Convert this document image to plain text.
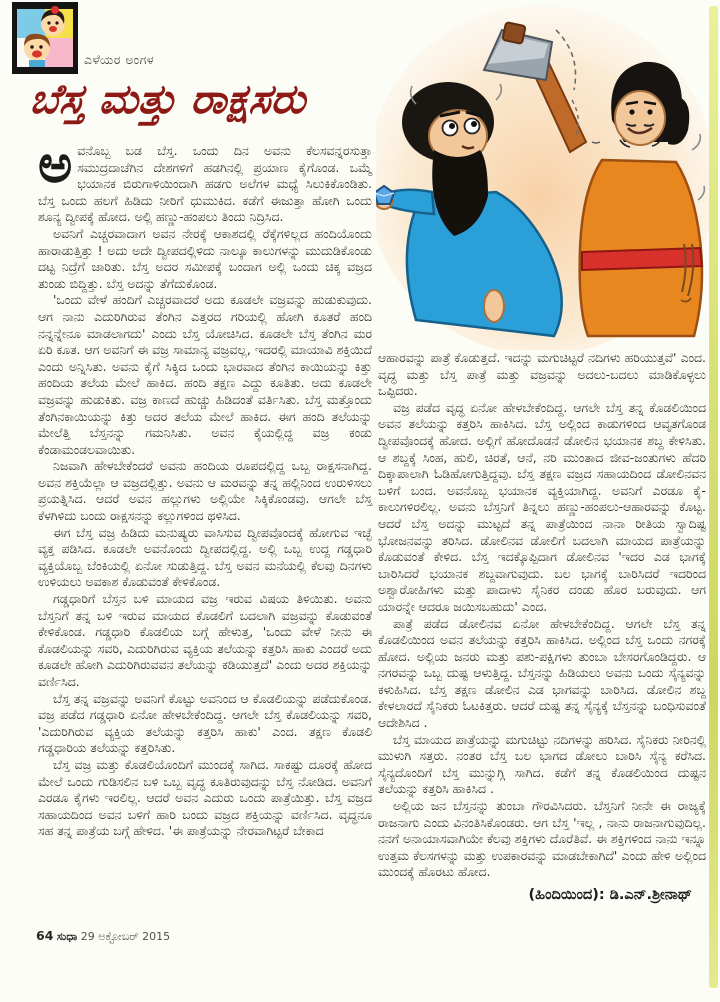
ಎಳೆಯರ ಅಂಗಳ
ಬೆಸ್ತ ಮತ್ತು ರಾಕ್ಷಸರು

ಅವನೊಬ್ಬ ಬಡ ಬೆಸ್ತ. ಒಂದು ದಿನ ಅವನು ಕೆಲಸವನ್ನರಸುತ್ತಾ ಸಮುದ್ರದಾಚೆಗಿನ ದೇಶಗಳಿಗೆ ಹಡಗಿನಲ್ಲಿ ಪ್ರಯಾಣ ಕೈಗೊಂಡ. ಒಮ್ಮೆ ಭಯಾನಕ ಬಿರುಗಾಳಿಯಿಂದಾಗಿ ಹಡಗು ಅಲೆಗಳ ಮಧ್ಯೆ ಸಿಲುಕಿಕೊಂಡಿತು. ಬೆಸ್ತ ಒಂದು ಹಲಗೆ ಹಿಡಿದು ನೀರಿಗೆ ಧುಮುಕಿದ. ಕಡೆಗೆ ಈಜುತ್ತಾ ಹೋಗಿ ಒಂದು ಶೂನ್ಯ ದ್ವೀಪಕ್ಕೆ ಹೋದ. ಅಲ್ಲಿ ಹಣ್ಣು-ಹಂಪಲು ತಿಂದು ನಿದ್ರಿಸಿದ.

ಅವನಿಗೆ ಎಚ್ಚರವಾದಾಗ ಅವನ ನೇರಕ್ಕೆ ಆಕಾಶದಲ್ಲಿ ರೆಕ್ಕೆಗಳಿಲ್ಲದ ಹಂದಿಯೊಂದು ಹಾರಾಡುತ್ತಿತ್ತು ! ಅದು ಅದೇ ದ್ವೀಪದಲ್ಲಿಳಿದು ನಾಲ್ಕೂ ಕಾಲುಗಳನ್ನು ಮುದುಡಿಕೊಂಡು ದಟ್ಟ ನಿದ್ರೆಗೆ ಜಾರಿತು. ಬೆಸ್ತ ಅದರ ಸಮೀಪಕ್ಕೆ ಬಂದಾಗ ಅಲ್ಲಿ ಒಂದು ಚಿಕ್ಕ ವಜ್ರದ ತುಂಡು ಬಿದ್ದಿತ್ತು. ಬೆಸ್ತ ಅದನ್ನು ತೆಗೆದುಕೊಂಡ.

'ಒಂದು ವೇಳೆ ಹಂದಿಗೆ ಎಚ್ಚರವಾದರೆ ಅದು ಕೂಡಲೇ ವಜ್ರವನ್ನು ಹುಡುಕುವುದು. ಆಗ ನಾನು ಎದುರಿಗಿರುವ ತೆಂಗಿನ ಎತ್ತರದ ಗರಿಯಲ್ಲಿ ಹೋಗಿ ಕೂತರೆ ಹಂದಿ ನನ್ನನ್ನೇನೂ ಮಾಡಲಾಗದು' ಎಂದು ಬೆಸ್ತ ಯೋಚಿಸಿದ. ಕೂಡಲೇ ಬೆಸ್ತ ತೆಂಗಿನ ಮರ ಏರಿ ಕೂತ. ಆಗ ಅವನಿಗೆ ಈ ವಜ್ರ ಸಾಮಾನ್ಯ ವಜ್ರವಲ್ಲ, ಇದರಲ್ಲಿ ಮಾಯಾವಿ ಶಕ್ತಿಯಿದೆ ಎಂದು ಅನ್ನಿಸಿತು. ಅವನು ಕೈಗೆ ಸಿಕ್ಕಿದ ಒಂದು ಭಾರವಾದ ತೆಂಗಿನ ಕಾಯಿಯನ್ನು ಕಿತ್ತು ಹಂದಿಯ ತಲೆಯ ಮೇಲೆ ಹಾಕಿದ. ಹಂದಿ ತಕ್ಷಣ ಎದ್ದು ಕೂತಿತು. ಅದು ಕೂಡಲೇ ವಜ್ರವನ್ನು ಹುಡುಕಿತು. ವಜ್ರ ಕಾಣದೆ ಹುಚ್ಚು ಹಿಡಿದಂತೆ ವರ್ತಿಸಿತು. ಬೆಸ್ತ ಮತ್ತೊಂದು ತೆಂಗಿನಕಾಯಿಯನ್ನು ಕಿತ್ತು ಅದರ ತಲೆಯ ಮೇಲೆ ಹಾಕಿದ. ಈಗ ಹಂದಿ ತಲೆಯನ್ನು ಮೇಲೆತ್ತಿ ಬೆಸ್ತನನ್ನು ಗಮನಿಸಿತು. ಅವನ ಕೈಯಲ್ಲಿದ್ದ ವಜ್ರ ಕಂಡು ಕೆಂಡಾಮಂಡಲವಾಯಿತು.

ನಿಜವಾಗಿ ಹೇಳಬೇಕೆಂದರೆ ಅವನು ಹಂದಿಯ ರೂಪದಲ್ಲಿದ್ದ ಒಬ್ಬ ರಾಕ್ಷಸನಾಗಿದ್ದ. ಅವನ ಶಕ್ತಿಯೆಲ್ಲಾ ಆ ವಜ್ರದಲ್ಲಿತ್ತು. ಅವನು ಆ ಮರವನ್ನು ತನ್ನ ಹಲ್ಲಿನಿಂದ ಉರುಳಿಸಲು ಪ್ರಯತ್ನಿಸಿದ. ಆದರೆ ಅವನ ಹಲ್ಲುಗಳು ಅಲ್ಲಿಯೇ ಸಿಕ್ಕಿಕೊಂಡವು. ಆಗಲೇ ಬೆಸ್ತ ಕೆಳಗಿಳಿದು ಬಂದು ರಾಕ್ಷಸನನ್ನು ಕಲ್ಲುಗಳಿಂದ ಥಳಿಸಿದ.

ಈಗ ಬೆಸ್ತ ವಜ್ರ ಹಿಡಿದು ಮನುಷ್ಯರು ವಾಸಿಸುವ ದ್ವೀಪವೊಂದಕ್ಕೆ ಹೋಗುವ ಇಚ್ಛೆ ವ್ಯಕ್ತ ಪಡಿಸಿದ. ಕೂಡಲೇ ಅವನೊಂದು ದ್ವೀಪದಲ್ಲಿದ್ದ. ಅಲ್ಲಿ ಒಬ್ಬ ಉದ್ದ ಗಡ್ಡಧಾರಿ ವ್ಯಕ್ತಿಯೊಬ್ಬ ಬೆಂಕಿಯಲ್ಲಿ ಏನೋ ಸುಡುತ್ತಿದ್ದ. ಬೆಸ್ತ ಅವನ ಮನೆಯಲ್ಲಿ ಕೆಲವು ದಿನಗಳು ಉಳಿಯಲು ಅವಕಾಶ ಕೊಡುವಂತೆ ಕೇಳಿಕೊಂಡ.

ಗಡ್ಡಧಾರಿಗೆ ಬೆಸ್ತನ ಬಳಿ ಮಾಯದ ವಜ್ರ ಇರುವ ವಿಷಯ ತಿಳಿಯಿತು. ಅವನು ಬೆಸ್ತನಿಗೆ ತನ್ನ ಬಳಿ ಇರುವ ಮಾಯದ ಕೊಡಲಿಗೆ ಬದಲಾಗಿ ವಜ್ರವನ್ನು ಕೊಡುವಂತೆ ಕೇಳಿಕೊಂಡ. ಗಡ್ಡಧಾರಿ ಕೊಡಲಿಯ ಬಗ್ಗೆ ಹೇಳುತ್ತ, 'ಒಂದು ವೇಳೆ ನೀನು ಈ ಕೊಡಲಿಯನ್ನು ಸವರಿ, ಎದುರಿಗಿರುವ ವ್ಯಕ್ತಿಯ ತಲೆಯನ್ನು ಕತ್ತರಿಸಿ ಹಾಕು ಎಂದರೆ ಅದು ಕೂಡಲೇ ಹೋಗಿ ಎದುರಿಗಿರುವವನ ತಲೆಯನ್ನು ಕಡಿಯುತ್ತದೆ' ಎಂದು ಅದರ ಶಕ್ತಿಯನ್ನು ವರ್ಣಿಸಿದ.

ಬೆಸ್ತ ತನ್ನ ವಜ್ರವನ್ನು ಅವನಿಗೆ ಕೊಟ್ಟು ಅವನಿಂದ ಆ ಕೊಡಲಿಯನ್ನು ಪಡೆದುಕೊಂಡ. ವಜ್ರ ಪಡೆದ ಗಡ್ಡಧಾರಿ ಏನೋ ಹೇಳಬೇಕೆಂದಿದ್ದ. ಆಗಲೇ ಬೆಸ್ತ ಕೊಡಲಿಯನ್ನು ಸವರಿ, 'ಎದುರಿಗಿರುವ ವ್ಯಕ್ತಿಯ ತಲೆಯನ್ನು ಕತ್ತರಿಸಿ ಹಾಕು' ಎಂದ. ತಕ್ಷಣ ಕೊಡಲಿ ಗಡ್ಡಧಾರಿಯ ತಲೆಯನ್ನು ಕತ್ತರಿಸಿತು.

ಬೆಸ್ತ ವಜ್ರ ಮತ್ತು ಕೊಡಲಿಯೊಂದಿಗೆ ಮುಂದಕ್ಕೆ ಸಾಗಿದ. ಸಾಕಷ್ಟು ದೂರಕ್ಕೆ ಹೋದ ಮೇಲೆ ಒಂದು ಗುಡಿಸಲಿನ ಬಳಿ ಒಬ್ಬ ವೃದ್ಧ ಕೂತಿರುವುದನ್ನು ಬೆಸ್ತ ನೋಡಿದ. ಅವನಿಗೆ ಎರಡೂ ಕೈಗಳು ಇರಲಿಲ್ಲ. ಆದರೆ ಅವನ ಎದುರು ಒಂದು ಪಾತ್ರೆಯಿತ್ತು. ಬೆಸ್ತ ವಜ್ರದ ಸಹಾಯದಿಂದ ಅವನ ಬಳಿಗೆ ಹಾರಿ ಬಂದು ವಜ್ರದ ಶಕ್ತಿಯನ್ನು ವರ್ಣಿಸಿದ. ವೃದ್ಧನೂ ಸಹ ತನ್ನ ಪಾತ್ರೆಯ ಬಗ್ಗೆ ಹೇಳಿದ. 'ಈ ಪಾತ್ರೆಯನ್ನು ನೇರವಾಗಿಟ್ಟರೆ ಬೇಕಾದ

ಆಹಾರವನ್ನು ಪಾತ್ರೆ ಕೊಡುತ್ತದೆ. ಇದನ್ನು ಮಗುಚಿಟ್ಟರೆ ನದಿಗಳು ಹರಿಯುತ್ತವೆ' ಎಂದ. ವೃದ್ಧ ಮತ್ತು ಬೆಸ್ತ ಪಾತ್ರೆ ಮತ್ತು ವಜ್ರವನ್ನು ಅದಲು-ಬದಲು ಮಾಡಿಕೊಳ್ಳಲು ಒಪ್ಪಿದರು.

ವಜ್ರ ಪಡೆದ ವೃದ್ಧ ಏನೋ ಹೇಳಬೇಕೆಂದಿದ್ದ. ಆಗಲೇ ಬೆಸ್ತ ತನ್ನ ಕೊಡಲಿಯಿಂದ ಅವನ ತಲೆಯನ್ನು ಕತ್ತರಿಸಿ ಹಾಕಿಸಿದ. ಬೆಸ್ತ ಅಲ್ಲಿಂದ ಕಾಡುಗಳಿಂದ ಆವೃತಗೊಂಡ ದ್ವೀಪವೊಂದಕ್ಕೆ ಹೋದ. ಅಲ್ಲಿಗೆ ಹೋದೊಡನೆ ಡೋಲಿನ ಭಯಾನಕ ಶಬ್ದ ಕೇಳಿಸಿತು. ಆ ಶಬ್ದಕ್ಕೆ ಸಿಂಹ, ಹುಲಿ, ಚಿರತೆ, ಆನೆ, ನರಿ ಮುಂತಾದ ಜೀವ-ಜಂತುಗಳು ಹೆದರಿ ದಿಕ್ಕಾಪಾಲಾಗಿ ಓಡಿಹೋಗುತ್ತಿದ್ದವು. ಬೆಸ್ತ ತಕ್ಷಣ ವಜ್ರದ ಸಹಾಯದಿಂದ ಡೋಲಿನವನ ಬಳಿಗೆ ಬಂದ. ಅವನೊಬ್ಬ ಭಯಾನಕ ವ್ಯಕ್ತಿಯಾಗಿದ್ದ. ಅವನಿಗೆ ಎರಡೂ ಕೈ-ಕಾಲುಗಳಿರಲಿಲ್ಲ. ಅವನು ಬೆಸ್ತನಿಗೆ ತಿನ್ನಲು ಹಣ್ಣು-ಹಂಪಲು-ಆಹಾರವನ್ನು ಕೊಟ್ಟ. ಆದರೆ ಬೆಸ್ತ ಅದನ್ನು ಮುಟ್ಟದೆ ತನ್ನ ಪಾತ್ರೆಯಿಂದ ನಾನಾ ರೀತಿಯ ಸ್ವಾದಿಷ್ಟ ಭೋಜನವನ್ನು ತರಿಸಿದ. ಡೋಲಿನವ ಡೋಲಿಗೆ ಬದಲಾಗಿ ಮಾಯದ ಪಾತ್ರೆಯನ್ನು ಕೊಡುವಂತೆ ಕೇಳಿದ. ಬೆಸ್ತ ಇದಕ್ಕೊಪ್ಪಿದಾಗ ಡೋಲಿನವ 'ಇದರ ಎಡ ಭಾಗಕ್ಕೆ ಬಾರಿಸಿದರೆ ಭಯಾನಕ ಶಬ್ದವಾಗುವುದು. ಬಲ ಭಾಗಕ್ಕೆ ಬಾರಿಸಿದರೆ ಇದರಿಂದ ಅಶ್ವಾರೋಹಿಗಳು ಮತ್ತು ಪಾದಾಳು ಸೈನಿಕರ ದಂಡು ಹೊರ ಬರುವುದು. ಆಗ ಯಾರನ್ನೇ ಆದರೂ ಜಯಿಸಬಹುದು' ಎಂದ.

ಪಾತ್ರೆ ಪಡೆದ ಡೋಲಿನವ ಏನೋ ಹೇಳಬೇಕೆಂದಿದ್ದ. ಆಗಲೇ ಬೆಸ್ತ ತನ್ನ ಕೊಡಲಿಯಿಂದ ಅವನ ತಲೆಯನ್ನು ಕತ್ತರಿಸಿ ಹಾಕಿಸಿದ. ಅಲ್ಲಿಂದ ಬೆಸ್ತ ಒಂದು ನಗರಕ್ಕೆ ಹೋದ. ಅಲ್ಲಿಯ ಜನರು ಮತ್ತು ಪಶು-ಪಕ್ಷಿಗಳು ತುಂಬಾ ಬೇಸರಗೊಂಡಿದ್ದರು. ಆ ನಗರವನ್ನು ಒಬ್ಬ ದುಷ್ಟ ಆಳುತ್ತಿದ್ದ. ಬೆಸ್ತನನ್ನು ಹಿಡಿಯಲು ಅವನು ಒಂದು ಸೈನ್ಯವನ್ನು ಕಳುಹಿಸಿದ. ಬೆಸ್ತ ತಕ್ಷಣ ಡೋಲಿನ ಎಡ ಭಾಗವನ್ನು ಬಾರಿಸಿದ. ಡೋಲಿನ ಶಬ್ದ ಕೇಳಲಾರದೆ ಸೈನಿಕರು ಓಟಕಿತ್ತರು. ಆದರೆ ದುಷ್ಟ ತನ್ನ ಸೈನ್ಯಕ್ಕೆ ಬೆಸ್ತನನ್ನು ಬಂಧಿಸುವಂತೆ ಆದೇಶಿಸಿದ .

ಬೆಸ್ತ ಮಾಯದ ಪಾತ್ರೆಯನ್ನು ಮಗುಚಿಟ್ಟು ನದಿಗಳನ್ನು ಹರಿಸಿದ. ಸೈನಿಕರು ನೀರಿನಲ್ಲಿ ಮುಳುಗಿ ಸತ್ತರು. ನಂತರ ಬೆಸ್ತ ಬಲ ಭಾಗದ ಡೋಲು ಬಾರಿಸಿ ಸೈನ್ಯ ಕರೆಸಿದ. ಸೈನ್ಯದೊಂದಿಗೆ ಬೆಸ್ತ ಮುನ್ನುಗ್ಗಿ ಸಾಗಿದ. ಕಡೆಗೆ ತನ್ನ ಕೊಡಲಿಯಿಂದ ದುಷ್ಟನ ತಲೆಯನ್ನು ಕತ್ತರಿಸಿ ಹಾಕಿಸಿದ .

ಅಲ್ಲಿಯ ಜನ ಬೆಸ್ತನನ್ನು ತುಂಬಾ ಗೌರವಿಸಿದರು. ಬೆಸ್ತನಿಗೆ ನೀನೇ ಈ ರಾಜ್ಯಕ್ಕೆ ರಾಜನಾಗು ಎಂದು ವಿನಂತಿಸಿಕೊಂಡರು. ಆಗ ಬೆಸ್ತ 'ಇಲ್ಲ , ನಾನು ರಾಜನಾಗುವುದಿಲ್ಲ. ನನಗೆ ಅನಾಯಾಸವಾಗಿಯೇ ಕೆಲವು ಶಕ್ತಿಗಳು ದೊರೆತಿವೆ. ಈ ಶಕ್ತಿಗಳಿಂದ ನಾನು ಇನ್ನೂ ಉತ್ತಮ ಕೆಲಸಗಳನ್ನು ಮತ್ತು ಉಪಕಾರವನ್ನು ಮಾಡಬೇಕಾಗಿದೆ' ಎಂದು ಹೇಳಿ ಅಲ್ಲಿಂದ ಮುಂದಕ್ಕೆ ಹೊರಟು ಹೋದ.

(ಹಿಂದಿಯಿಂದ): ಡಿ.ಎನ್.ಶ್ರೀನಾಥ್

64 ಸುಧಾ 29 ಅಕ್ಟೋಬರ್ 2015
